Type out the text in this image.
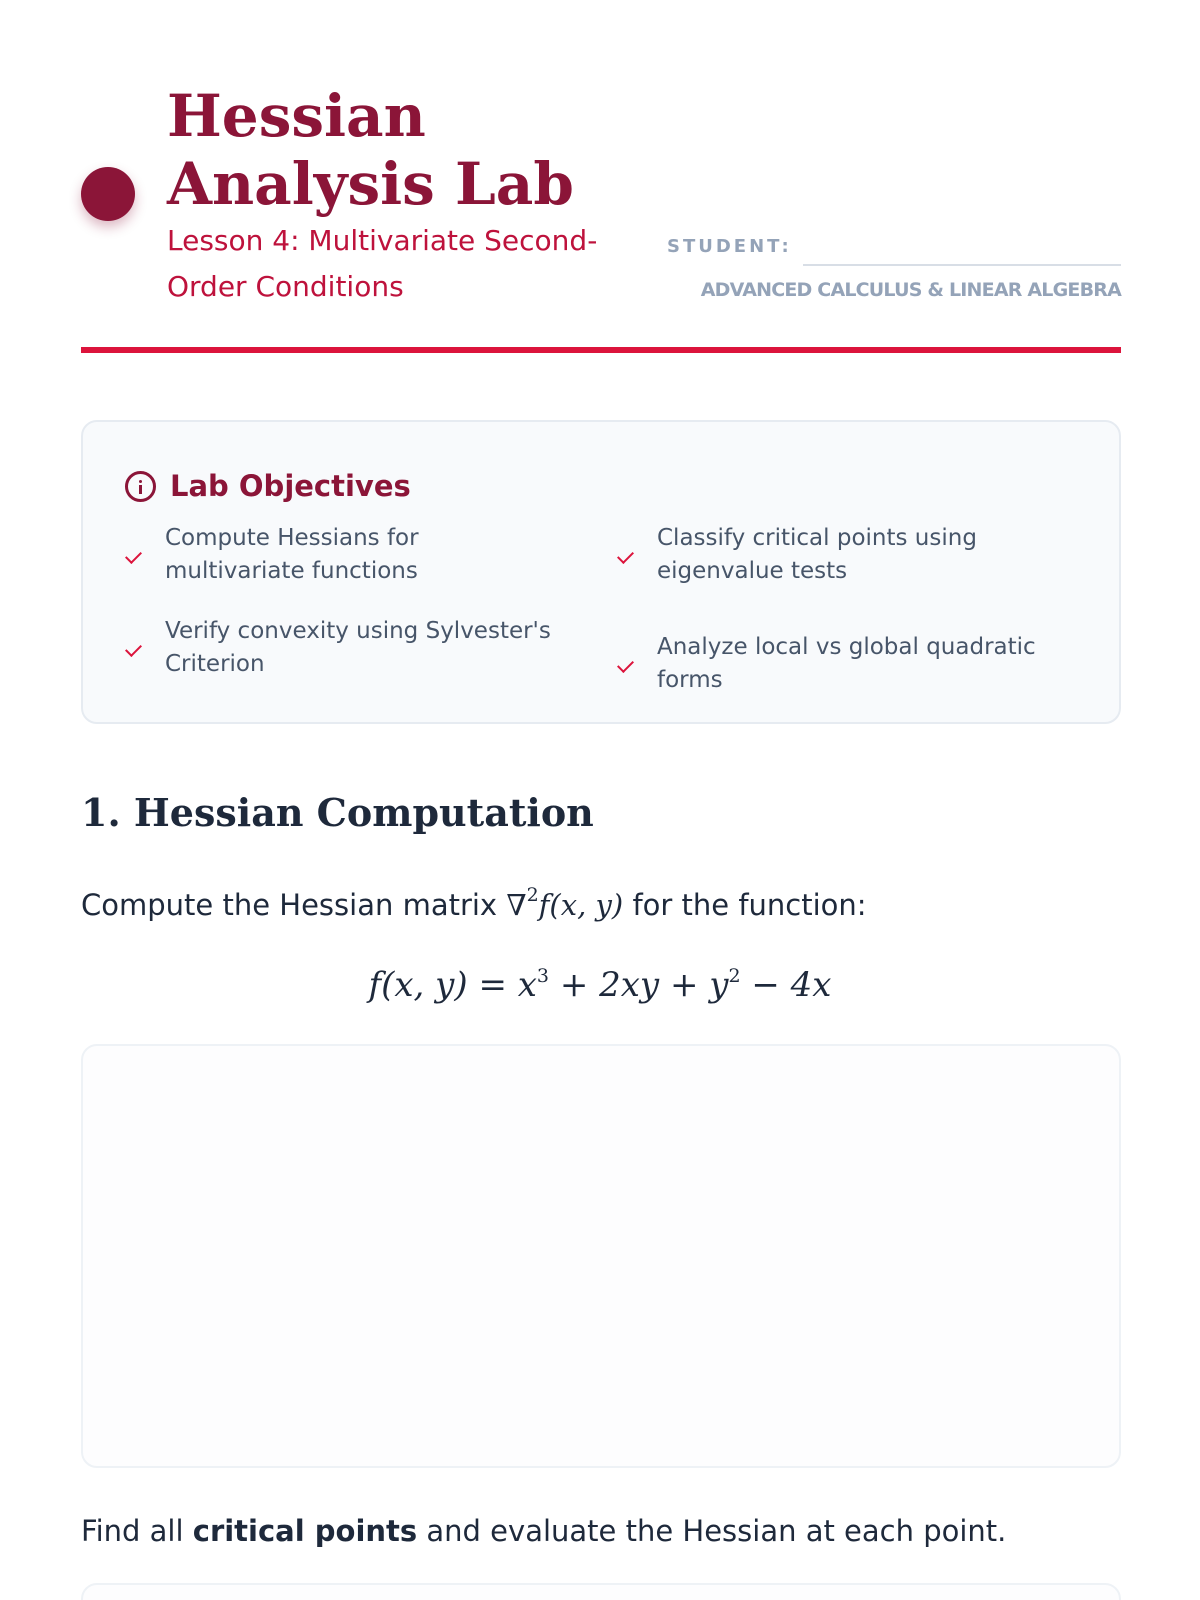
Hessian Analysis Lab
Lesson 4: Multivariate Second-Order Conditions
STUDENT:
ADVANCED CALCULUS & LINEAR ALGEBRA
Lab Objectives
Compute Hessians for multivariate functions
Classify critical points using eigenvalue tests
Verify convexity using Sylvester's Criterion
Analyze local vs global quadratic forms
1. Hessian Computation
Compute the Hessian matrix ∇$^2$f(x, y) for the function:
f(x, $y) = x^3 + 2xy + y^2 - 4x$
Find all critical points and evaluate the Hessian at each point.
